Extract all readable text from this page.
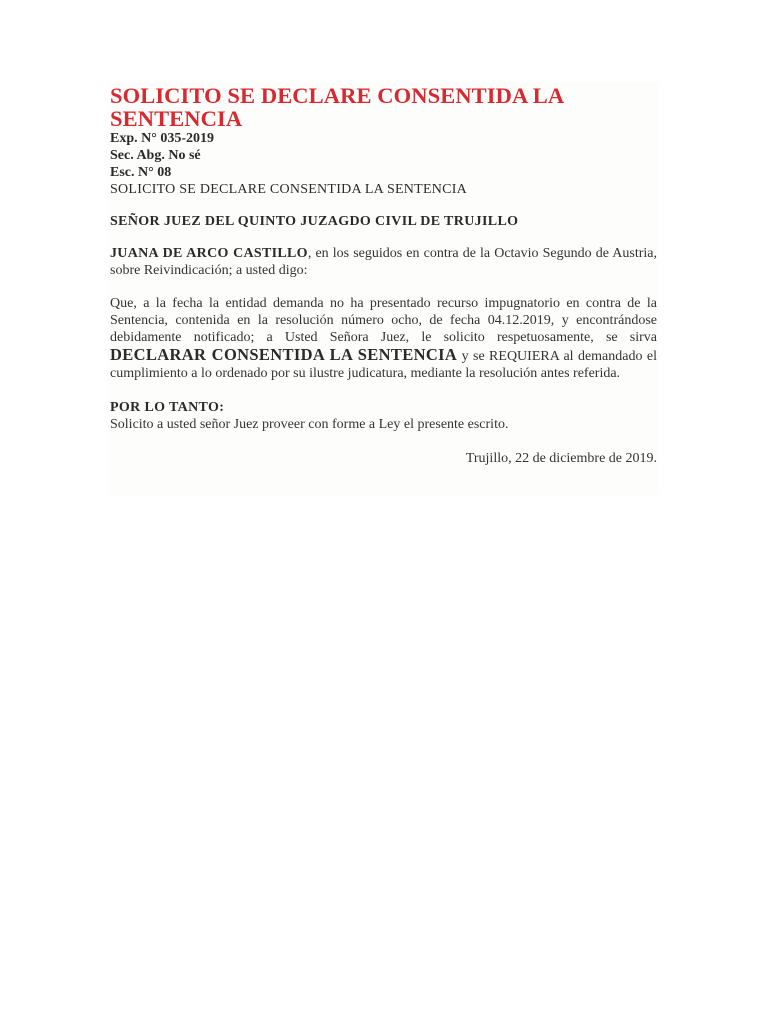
SOLICITO SE DECLARE CONSENTIDA LA SENTENCIA
Exp. N° 035-2019
Sec. Abg. No sé
Esc. N° 08
SOLICITO SE DECLARE CONSENTIDA LA SENTENCIA
SEÑOR JUEZ DEL QUINTO JUZAGDO CIVIL DE TRUJILLO
JUANA DE ARCO CASTILLO, en los seguidos en contra de la Octavio Segundo de Austria, sobre Reivindicación; a usted digo:
Que, a la fecha la entidad demanda no ha presentado recurso impugnatorio en contra de la Sentencia, contenida en la resolución número ocho, de fecha 04.12.2019, y encontrándose debidamente notificado; a Usted Señora Juez, le solicito respetuosamente, se sirva DECLARAR CONSENTIDA LA SENTENCIA y se REQUIERA al demandado el cumplimiento a lo ordenado por su ilustre judicatura, mediante la resolución antes referida.
POR LO TANTO:
Solicito a usted señor Juez proveer con forme a Ley el presente escrito.
Trujillo, 22 de diciembre de 2019.
